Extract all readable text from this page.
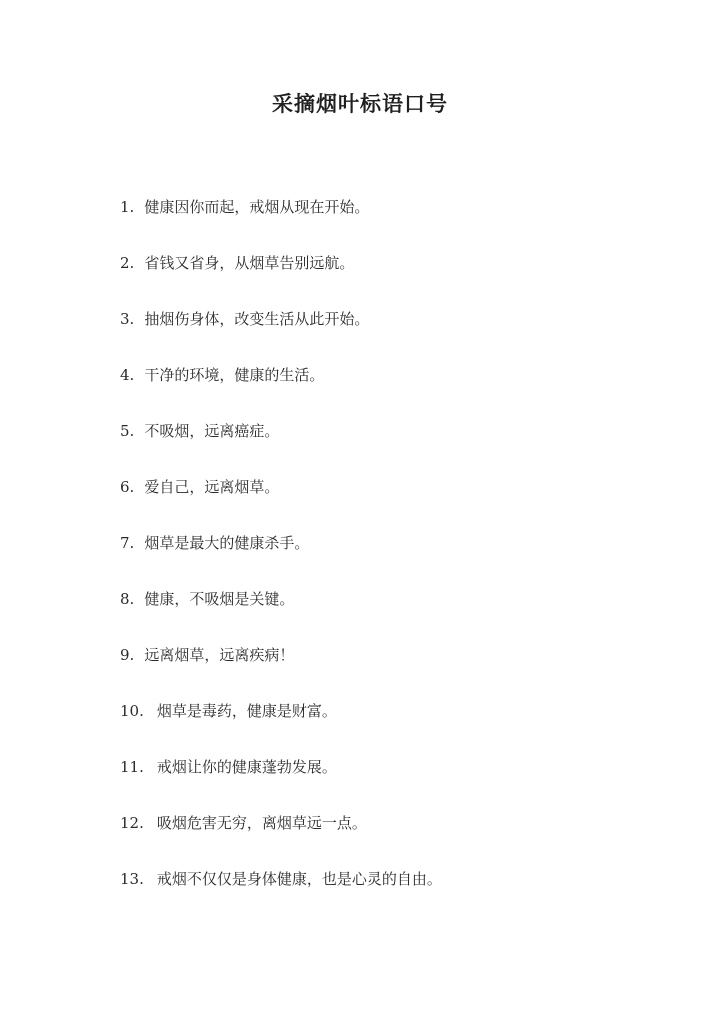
采摘烟叶标语口号
1. 健康因你而起，戒烟从现在开始。
2. 省钱又省身，从烟草告别远航。
3. 抽烟伤身体，改变生活从此开始。
4. 干净的环境，健康的生活。
5. 不吸烟，远离癌症。
6. 爱自己，远离烟草。
7. 烟草是最大的健康杀手。
8. 健康，不吸烟是关键。
9. 远离烟草，远离疾病！
10. 烟草是毒药，健康是财富。
11. 戒烟让你的健康蓬勃发展。
12. 吸烟危害无穷，离烟草远一点。
13. 戒烟不仅仅是身体健康，也是心灵的自由。
